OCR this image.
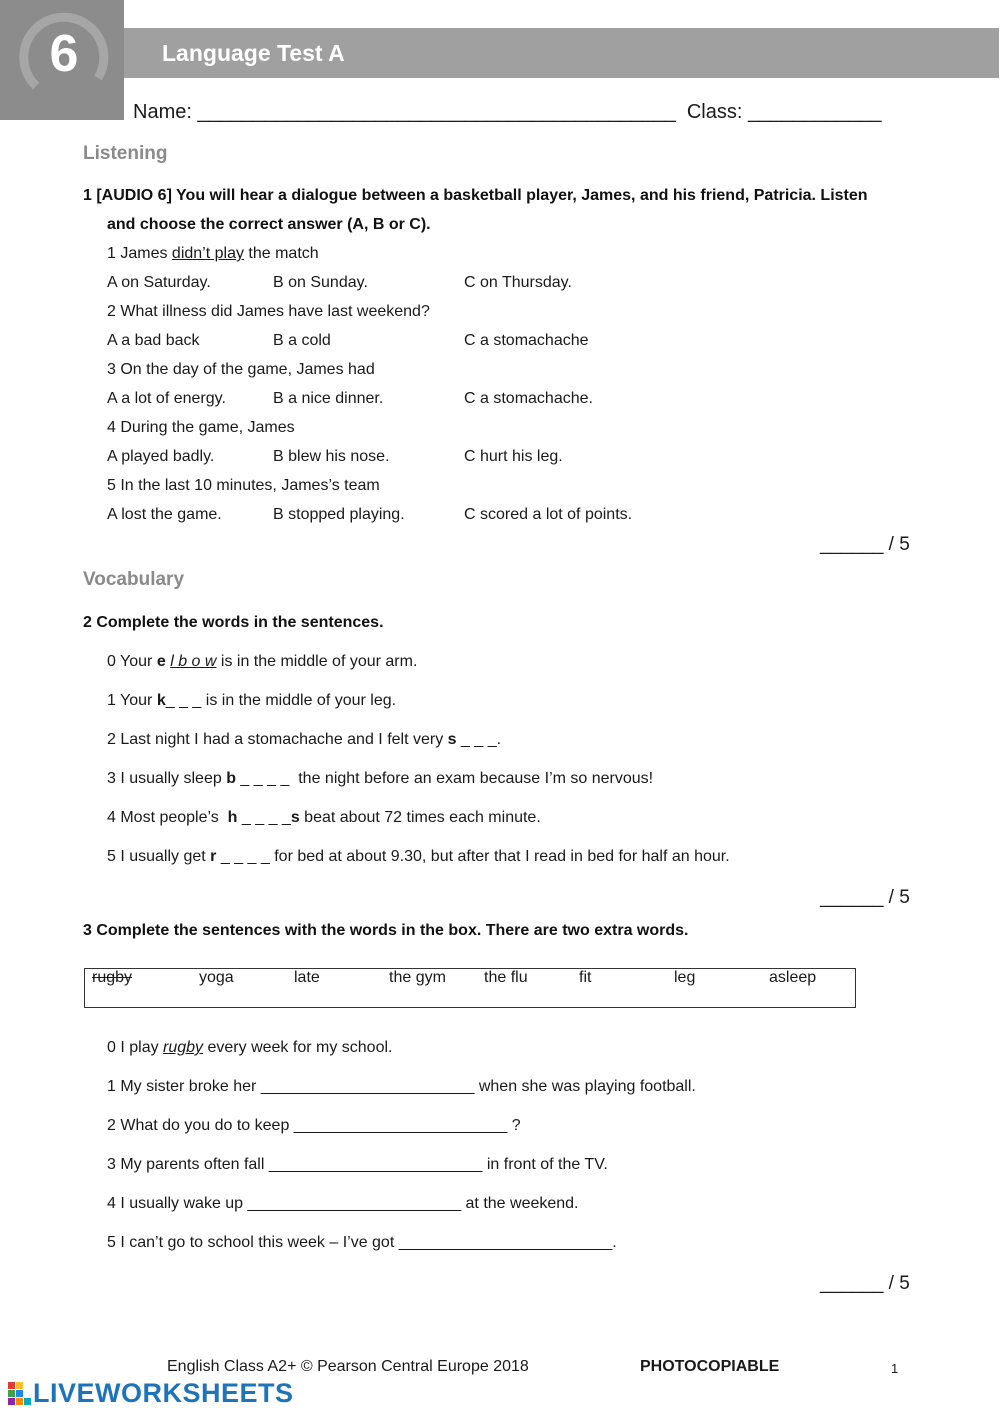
6	Language Test A
Name: ___________________________________________  Class: ____________
Listening
1 [AUDIO 6] You will hear a dialogue between a basketball player, James, and his friend, Patricia. Listen
and choose the correct answer (A, B or C).
1 James didn’t play the match
A on Saturday.	B on Sunday.	C on Thursday.
2 What illness did James have last weekend?
A a bad back	B a cold	C a stomachache
3 On the day of the game, James had
A a lot of energy.	B a nice dinner.	C a stomachache.
4 During the game, James
A played badly.	B blew his nose.	C hurt his leg.
5 In the last 10 minutes, James’s team
A lost the game.	B stopped playing.	C scored a lot of points.
______ / 5
Vocabulary
2 Complete the words in the sentences.
0 Your e l b o w is in the middle of your arm.
1 Your k_ _ _ is in the middle of your leg.
2 Last night I had a stomachache and I felt very s _ _ _.
3 I usually sleep b _ _ _ _  the night before an exam because I’m so nervous!
4 Most people’s  h _ _ _ _s beat about 72 times each minute.
5 I usually get r _ _ _ _ for bed at about 9.30, but after that I read in bed for half an hour.
______ / 5
3 Complete the sentences with the words in the box. There are two extra words.
rugby	yoga	late	the gym the flu	fit	leg	asleep
0 I play rugby every week for my school.
1 My sister broke her ________________________ when she was playing football.
2 What do you do to keep ________________________ ?
3 My parents often fall ________________________ in front of the TV.
4 I usually wake up ________________________ at the weekend.
5 I can’t go to school this week – I’ve got ________________________.
______ / 5
English Class A2+ © Pearson Central Europe 2018	PHOTOCOPIABLE	1
LIVEWORKSHEETS
